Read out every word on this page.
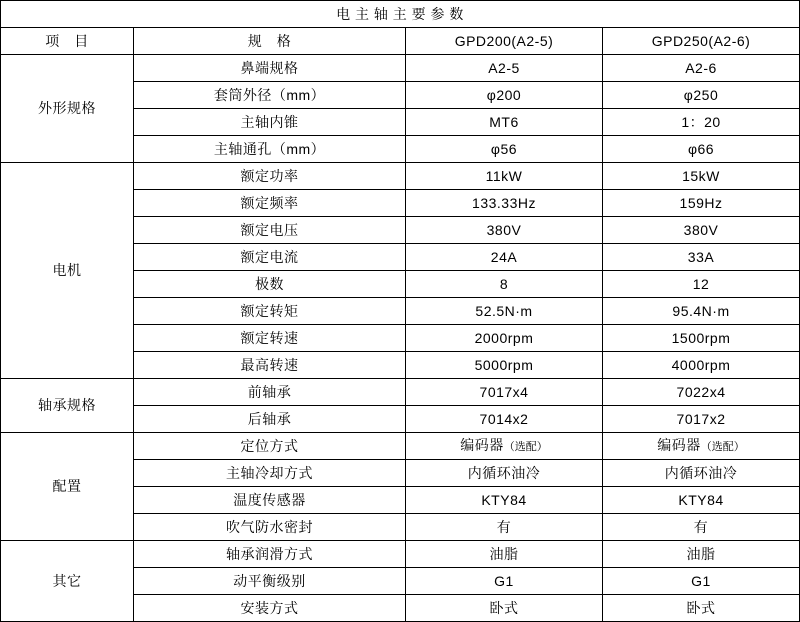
电 主 轴 主 要 参 数			
项　目	规　格	GPD200(A2-5)	GPD250(A2-6)
外形规格	鼻端规格	A2-5	A2-6
	套筒外径（mm）	φ200	φ250
	主轴内锥	MT6	1：20
	主轴通孔（mm）	φ56	φ66
电机	额定功率	11kW	15kW
	额定频率	133.33Hz	159Hz
	额定电压	380V	380V
	额定电流	24A	33A
	极数	8	12
	额定转矩	52.5N·m	95.4N·m
	额定转速	2000rpm	1500rpm
	最高转速	5000rpm	4000rpm
轴承规格	前轴承	7017x4	7022x4
	后轴承	7014x2	7017x2
配置	定位方式	编码器（选配）	编码器（选配）
	主轴冷却方式	内循环油冷	内循环油冷
	温度传感器	KTY84	KTY84
	吹气防水密封	有	有
其它	轴承润滑方式	油脂	油脂
	动平衡级别	G1	G1
	安装方式	卧式	卧式
